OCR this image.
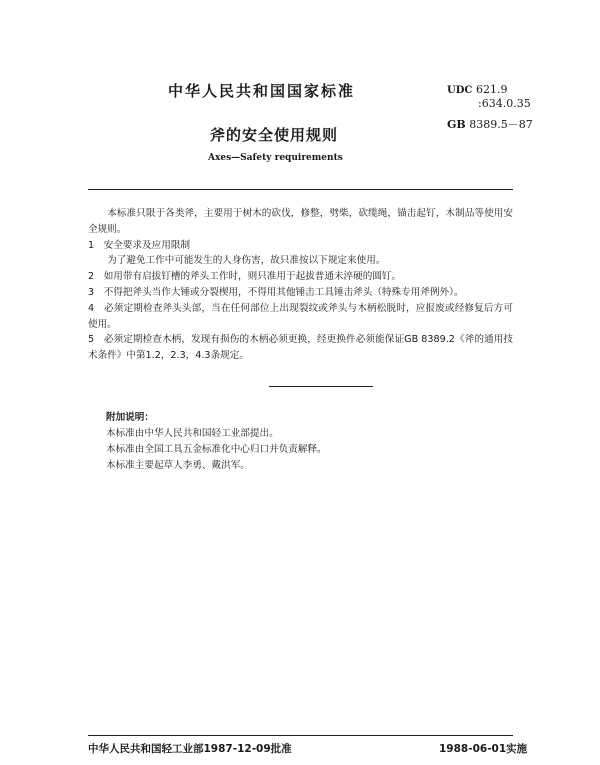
中华人民共和国国家标准	UDC 621.9
:634.0.35
GB 8389.5－87
斧的安全使用规则
Axes—Safety requirements

本标准只限于各类斧，主要用于树木的砍伐，修整，劈柴，砍缆绳，锚击起钉，木制品等使用安全规则。

1　安全要求及应用限制

为了避免工作中可能发生的人身伤害，故只准按以下规定来使用。

2　如用带有启拔钉槽的斧头工作时，则只准用于起拔普通未淬硬的圆钉。

3　不得把斧头当作大锤或分裂楔用，不得用其他锤击工具锤击斧头（特殊专用斧例外）。

4　必须定期检查斧头头部，当在任何部位上出现裂纹或斧头与木柄松脱时，应报废或经修复后方可使用。

5　必须定期检查木柄，发现有损伤的木柄必须更换，经更换件必须能保证GB 8389.2《斧的通用技术条件》中第1.2，2.3，4.3条规定。

附加说明：
本标准由中华人民共和国轻工业部提出。
本标准由全国工具五金标准化中心归口并负责解释。
本标准主要起草人李勇、戴洪军。
中华人民共和国轻工业部1987-12-09批准	1988-06-01实施
